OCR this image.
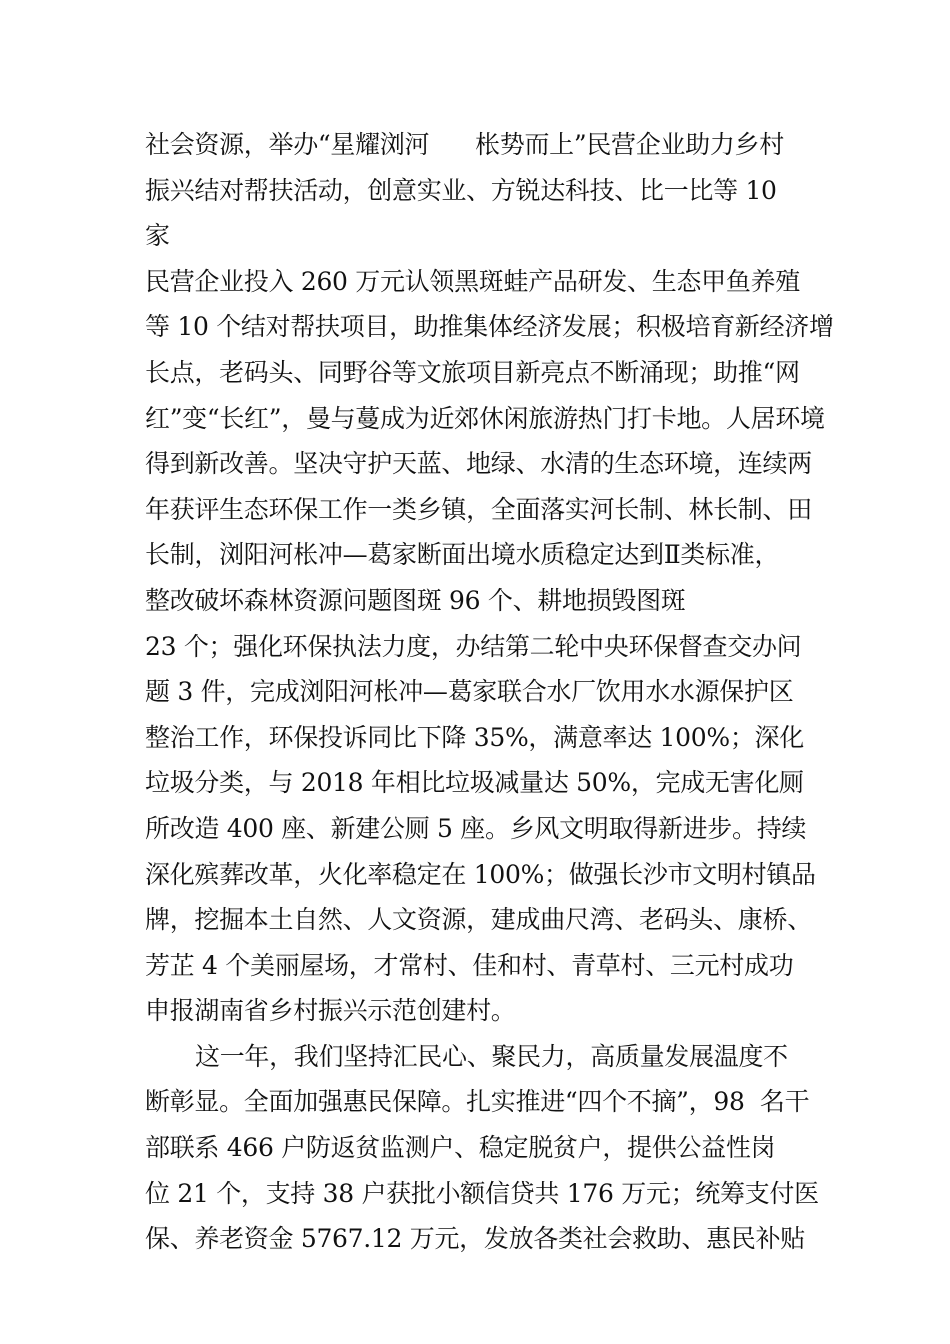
社会资源，举办“星耀浏河      枨势而上”民营企业助力乡村
振兴结对帮扶活动，创意实业、方锐达科技、比一比等 10
家
民营企业投入 260 万元认领黑斑蛙产品研发、生态甲鱼养殖
等 10 个结对帮扶项目，助推集体经济发展；积极培育新经济增
长点，老码头、同野谷等文旅项目新亮点不断涌现；助推“网
红”变“长红”，曼与蔓成为近郊休闲旅游热门打卡地。人居环境
得到新改善。坚决守护天蓝、地绿、水清的生态环境，连续两
年获评生态环保工作一类乡镇，全面落实河长制、林长制、田
长制，浏阳河枨冲—葛家断面出境水质稳定达到Ⅱ类标准，
整改破坏森林资源问题图斑 96 个、耕地损毁图斑
23 个；强化环保执法力度，办结第二轮中央环保督查交办问
题 3 件，完成浏阳河枨冲—葛家联合水厂饮用水水源保护区
整治工作，环保投诉同比下降 35%，满意率达 100%；深化
垃圾分类，与 2018 年相比垃圾减量达 50%，完成无害化厕
所改造 400 座、新建公厕 5 座。乡风文明取得新进步。持续
深化殡葬改革，火化率稳定在 100%；做强长沙市文明村镇品
牌，挖掘本土自然、人文资源，建成曲尺湾、老码头、康桥、
芳芷 4 个美丽屋场，才常村、佳和村、青草村、三元村成功
申报湖南省乡村振兴示范创建村。
这一年，我们坚持汇民心、聚民力，高质量发展温度不
断彰显。全面加强惠民保障。扎实推进“四个不摘”，98  名干
部联系 466 户防返贫监测户、稳定脱贫户，提供公益性岗
位 21 个，支持 38 户获批小额信贷共 176 万元；统筹支付医
保、养老资金 5767.12 万元，发放各类社会救助、惠民补贴
